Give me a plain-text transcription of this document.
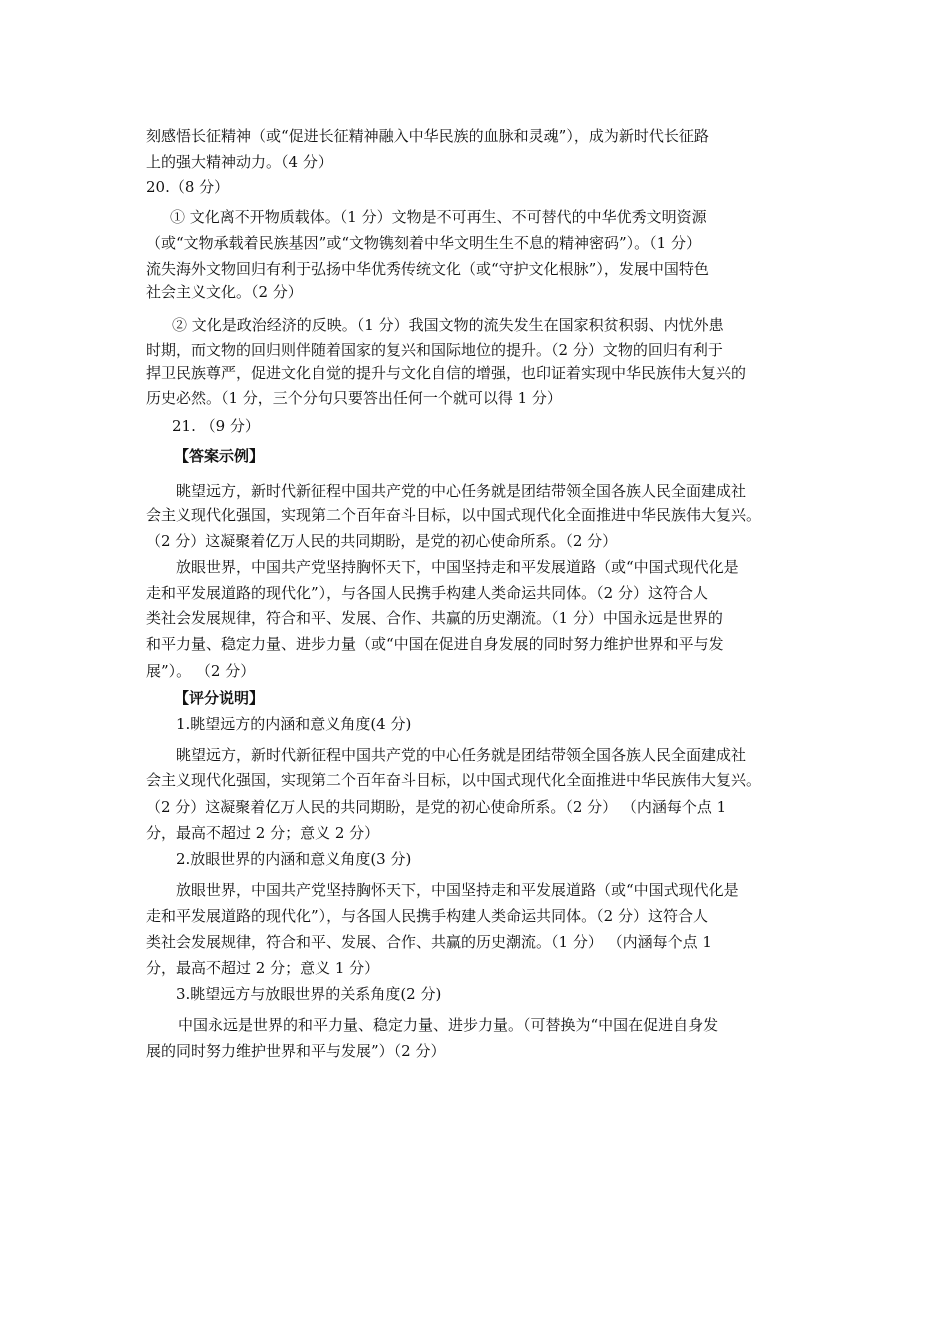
刻感悟长征精神（或“促进长征精神融入中华民族的血脉和灵魂”），成为新时代长征路
上的强大精神动力。（4 分）
20.（8 分）
① 文化离不开物质载体。（1 分）文物是不可再生、不可替代的中华优秀文明资源
（或“文物承载着民族基因”或“文物镌刻着中华文明生生不息的精神密码”）。（1 分）
流失海外文物回归有利于弘扬中华优秀传统文化（或“守护文化根脉”），发展中国特色
社会主义文化。（2 分）
② 文化是政治经济的反映。（1 分）我国文物的流失发生在国家积贫积弱、内忧外患
时期，而文物的回归则伴随着国家的复兴和国际地位的提升。（2 分）文物的回归有利于
捍卫民族尊严，促进文化自觉的提升与文化自信的增强，也印证着实现中华民族伟大复兴的
历史必然。（1 分，三个分句只要答出任何一个就可以得 1 分）
21. （9 分）
【答案示例】
眺望远方，新时代新征程中国共产党的中心任务就是团结带领全国各族人民全面建成社
会主义现代化强国，实现第二个百年奋斗目标，以中国式现代化全面推进中华民族伟大复兴。
（2 分）这凝聚着亿万人民的共同期盼，是党的初心使命所系。（2 分）
放眼世界，中国共产党坚持胸怀天下，中国坚持走和平发展道路（或“中国式现代化是
走和平发展道路的现代化”），与各国人民携手构建人类命运共同体。（2 分）这符合人
类社会发展规律，符合和平、发展、合作、共赢的历史潮流。（1 分）中国永远是世界的
和平力量、稳定力量、进步力量（或“中国在促进自身发展的同时努力维护世界和平与发
展”）。 （2 分）
【评分说明】
1.眺望远方的内涵和意义角度(4 分)
眺望远方，新时代新征程中国共产党的中心任务就是团结带领全国各族人民全面建成社
会主义现代化强国，实现第二个百年奋斗目标，以中国式现代化全面推进中华民族伟大复兴。
（2 分）这凝聚着亿万人民的共同期盼，是党的初心使命所系。（2 分） （内涵每个点 1
分，最高不超过 2 分；意义 2 分）
2.放眼世界的内涵和意义角度(3 分)
放眼世界，中国共产党坚持胸怀天下，中国坚持走和平发展道路（或“中国式现代化是
走和平发展道路的现代化”），与各国人民携手构建人类命运共同体。（2 分）这符合人
类社会发展规律，符合和平、发展、合作、共赢的历史潮流。（1 分） （内涵每个点 1
分，最高不超过 2 分；意义 1 分）
3.眺望远方与放眼世界的关系角度(2 分)
中国永远是世界的和平力量、稳定力量、进步力量。（可替换为“中国在促进自身发
展的同时努力维护世界和平与发展”）（2 分）
